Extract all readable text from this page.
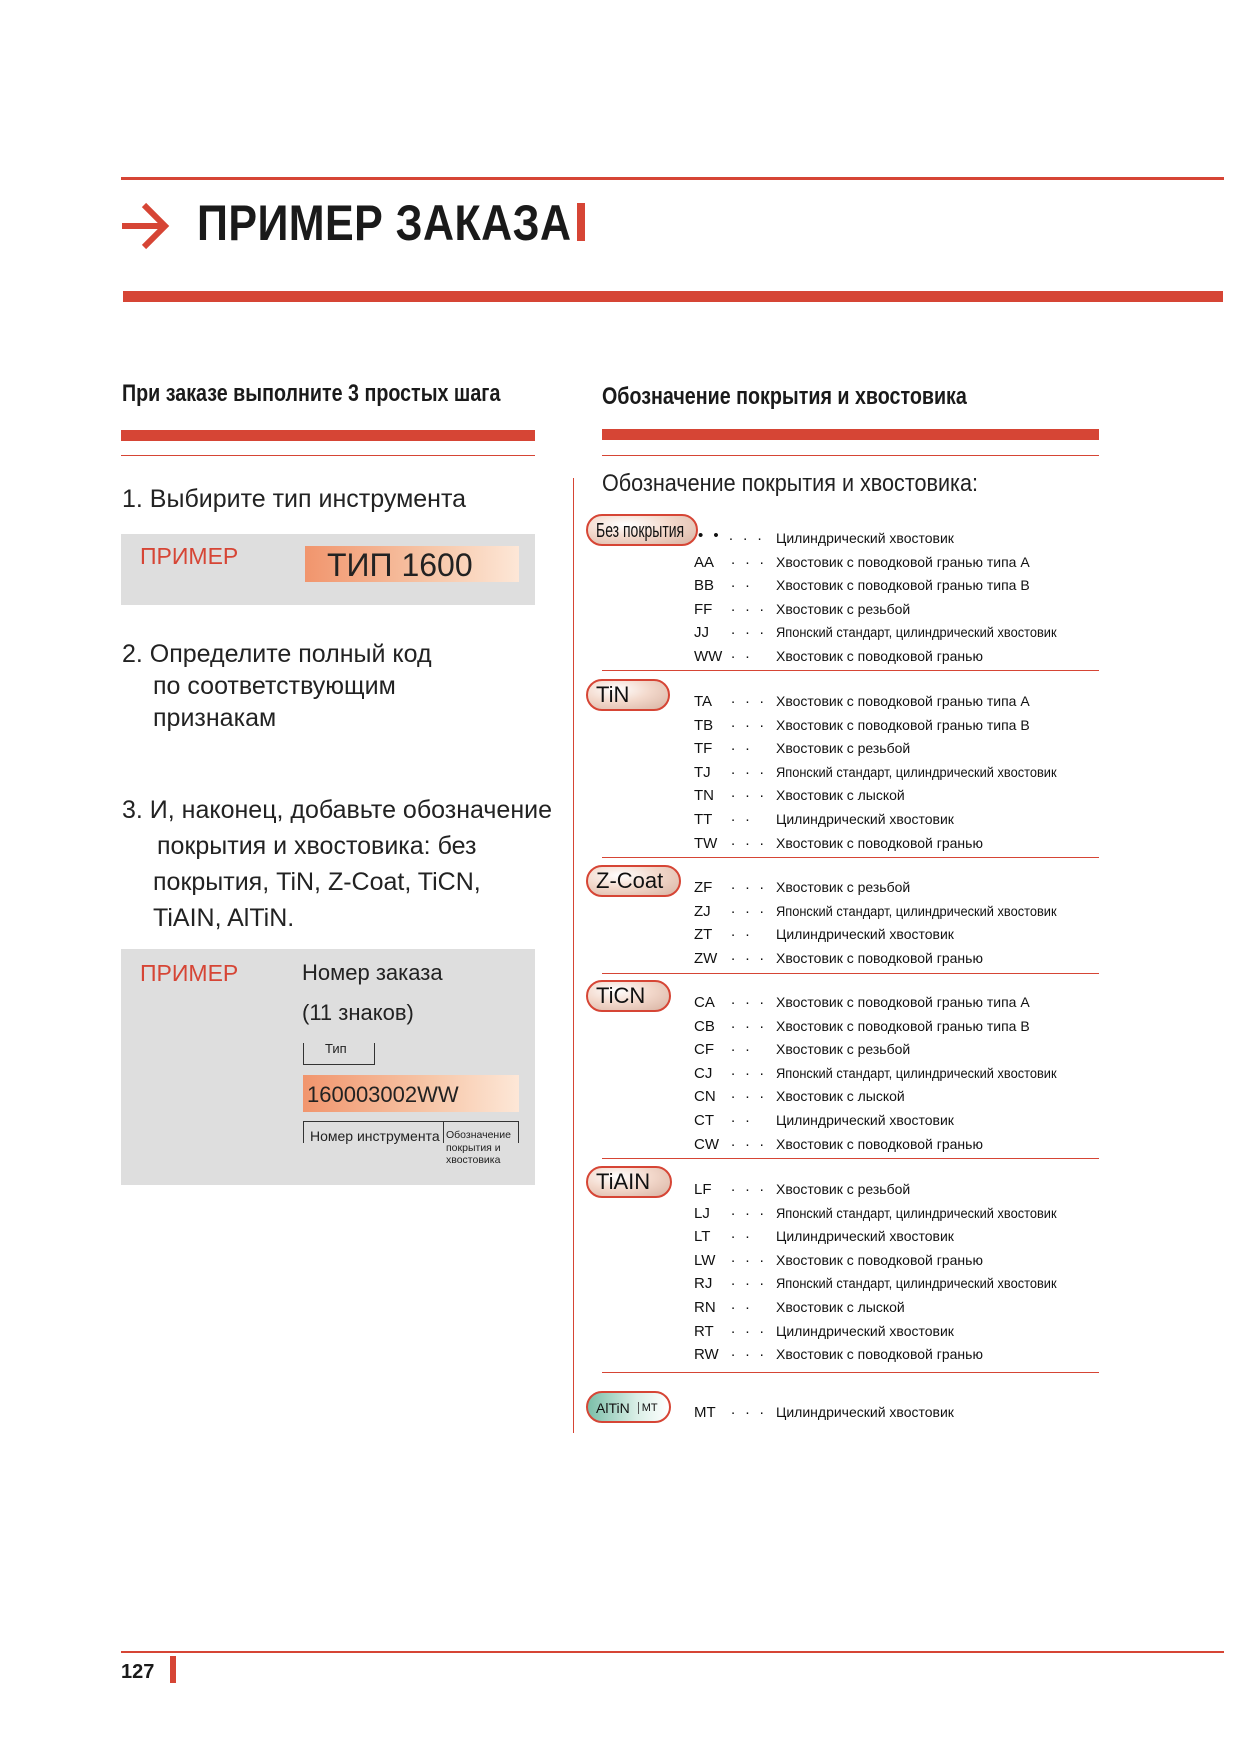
ПРИМЕР ЗАКАЗА
При заказе выполните 3 простых шага
1. Выбирите тип инструмента
ПРИМЕР	ТИП 1600
2. Определите полный код
по соответствующим
признакам
3. И, наконец, добавьте обозначение
покрытия и хвостовика: без
покрытия, TiN, Z-Coat, TiCN,
TiAIN, AlTiN.
ПРИМЕР	Номер заказа
(11 знаков)
Тип
160003002WW
Номер инструмента Обозначение
покрытия и
хвостовика
Обозначение покрытия и хвостовика
Обозначение покрытия и хвостовика:
Без покрытия • • . . . Цилиндрический хвостовик
AA . . . Хвостовик с поводковой гранью типа A
BB . . Хвостовик с поводковой гранью типа B
FF . . . Хвостовик с резьбой
JJ . . . Японский стандарт, цилиндрический хвостовик
WW . . Хвостовик с поводковой гранью
TiN	TA . . . Хвостовик с поводковой гранью типа A
TB . . . Хвостовик с поводковой гранью типа B
TF . . Хвостовик с резьбой
TJ . . . Японский стандарт, цилиндрический хвостовик
TN . . . Хвостовик с лыской
TT . . Цилиндрический хвостовик
TW . . . Хвостовик с поводковой гранью
Z-Coat	ZF . . . Хвостовик с резьбой
ZJ . . . Японский стандарт, цилиндрический хвостовик
ZT . . Цилиндрический хвостовик
ZW . . . Хвостовик с поводковой гранью
TiCN	CA . . . Хвостовик с поводковой гранью типа A
CB . . . Хвостовик с поводковой гранью типа B
CF . . Хвостовик с резьбой
CJ . . . Японский стандарт, цилиндрический хвостовик
CN . . . Хвостовик с лыской
CT . . Цилиндрический хвостовик
CW . . . Хвостовик с поводковой гранью
TiAIN	LF . . . Хвостовик с резьбой
LJ . . . Японский стандарт, цилиндрический хвостовик
LT . . Цилиндрический хвостовик
LW . . . Хвостовик с поводковой гранью
RJ . . . Японский стандарт, цилиндрический хвостовик
RN . . Хвостовик с лыской
RT . . . Цилиндрический хвостовик
RW . . . Хвостовик с поводковой гранью
AlTiN MT	MT . . . Цилиндрический хвостовик
127
